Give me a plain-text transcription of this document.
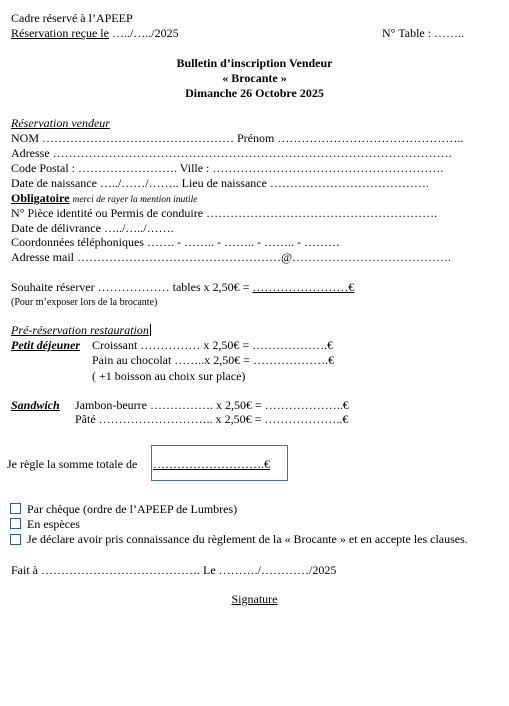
Cadre réservé à l’APEEP
Réservation reçue le …../…../2025	N° Table : ……..
Bulletin d’inscription Vendeur
« Brocante »
Dimanche 26 Octobre 2025
Réservation vendeur
NOM ………………………………………… Prénom ………………………………………..
Adresse ……………………………………………………………………………………….
Code Postal : ……………………. Ville : ………………………………………………….
Date de naissance …../……/…….. Lieu de naissance ………………………………….
Obligatoire merci de rayer la mention inutile
N° Pièce identité ou Permis de conduire ………………………………………………….
Date de délivrance …../…../…….
Coordonnées téléphoniques ……. - …….. - …….. - …….. - ………
Adresse mail ……………………………………………@………………………………….
Souhaite réserver ……………… tables x 2,50€ = ……………………€
(Pour m’exposer lors de la brocante)
Pré-réservation restauration
Petit déjeuner Croissant …………… x 2,50€ = ……………….€
Pain au chocolat ……..x 2,50€ = ……………….€
( +1 boisson au choix sur place)
Sandwich Jambon-beurre ……………. x 2,50€ = ………………..€
Pâté ……………………….. x 2,50€ = ………………..€
Je règle la somme totale de ……………………….€
Par chèque (ordre de l’APEEP de Lumbres)
En espèces
Je déclare avoir pris connaissance du règlement de la « Brocante » et en accepte les clauses.
Fait à …………………………………. Le ………./…………/2025
Signature
